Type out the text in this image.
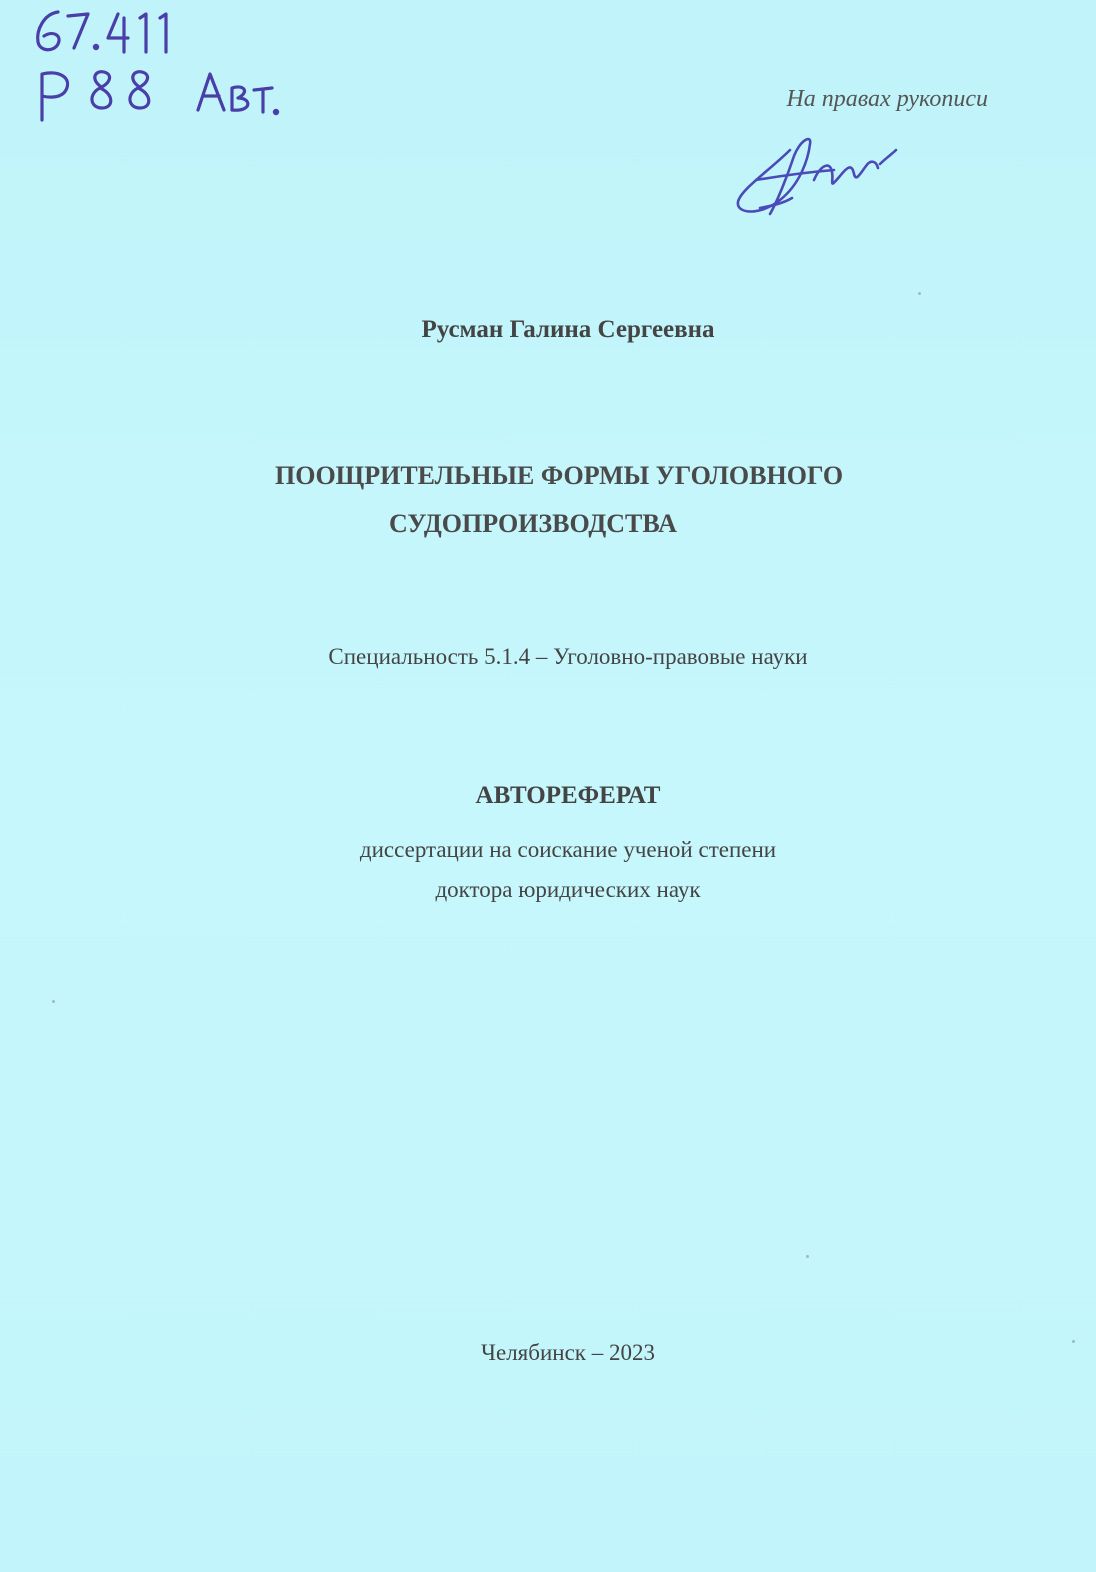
На правах рукописи
Русман Галина Сергеевна
ПООЩРИТЕЛЬНЫЕ ФОРМЫ УГОЛОВНОГО
СУДОПРОИЗВОДСТВА
Специальность 5.1.4 – Уголовно-правовые науки
АВТОРЕФЕРАТ
диссертации на соискание ученой степени
доктора юридических наук
Челябинск – 2023
